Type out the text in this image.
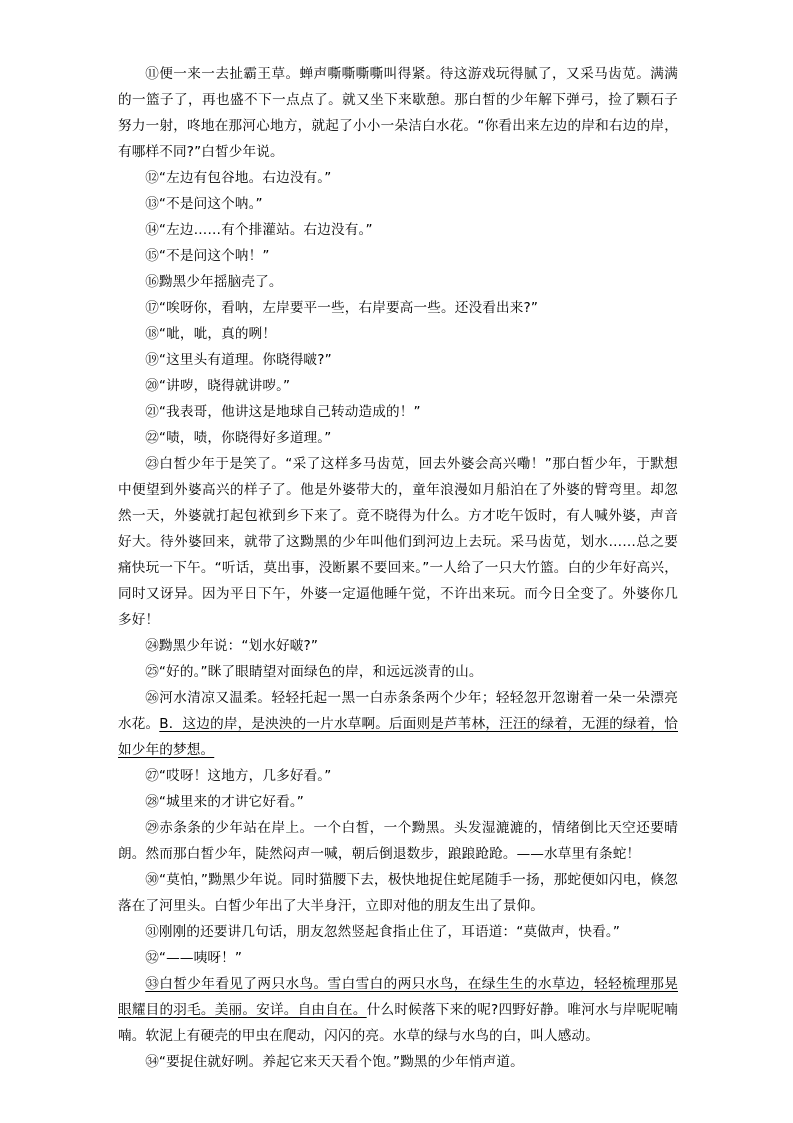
⑪便一来一去扯霸王草。蝉声嘶嘶嘶嘶叫得紧。待这游戏玩得腻了，又采马齿苋。满满的一篮子了，再也盛不下一点点了。就又坐下来歇憩。那白皙的少年解下弹弓，捡了颗石子努力一射，咚地在那河心地方，就起了小小一朵洁白水花。“你看出来左边的岸和右边的岸，有哪样不同?”白皙少年说。

⑫“左边有包谷地。右边没有。”

⑬“不是问这个呐。”

⑭“左边……有个排灌站。右边没有。”

⑮“不是问这个呐！”

⑯黝黑少年摇脑壳了。

⑰“唉呀你，看呐，左岸要平一些，右岸要高一些。还没看出来?”

⑱“呲，呲，真的咧！

⑲“这里头有道理。你晓得啵?”

⑳“讲哕，晓得就讲哕。”

㉑“我表哥，他讲这是地球自己转动造成的！”

㉒“啧，啧，你晓得好多道理。”

㉓白皙少年于是笑了。“采了这样多马齿苋，回去外婆会高兴嘞！”那白皙少年，于默想中便望到外婆高兴的样子了。他是外婆带大的，童年浪漫如月船泊在了外婆的臂弯里。却忽然一天，外婆就打起包袱到乡下来了。竟不晓得为什么。方才吃午饭时，有人喊外婆，声音好大。待外婆回来，就带了这黝黑的少年叫他们到河边上去玩。采马齿苋，划水……总之要痛快玩一下午。“听话，莫出事，没断累不要回来。”一人给了一只大竹篮。白的少年好高兴，同时又讶异。因为平日下午，外婆一定逼他睡午觉，不许出来玩。而今日全变了。外婆你几多好！

㉔黝黑少年说：“划水好啵?”

㉕“好的。”眯了眼睛望对面绿色的岸，和远远淡青的山。

㉖河水清凉又温柔。轻轻托起一黑一白赤条条两个少年；轻轻忽开忽谢着一朵一朵漂亮水花。B．这边的岸，是泱泱的一片水草啊。后面则是芦苇林，汪汪的绿着，无涯的绿着，恰如少年的梦想。

㉗“哎呀！这地方，几多好看。”

㉘“城里来的才讲它好看。”

㉙赤条条的少年站在岸上。一个白皙，一个黝黑。头发湿漉漉的，情绪倒比天空还要晴朗。然而那白皙少年，陡然闷声一喊，朝后倒退数步，踉踉跄跄。——水草里有条蛇！

㉚“莫怕，”黝黑少年说。同时猫腰下去，极快地捉住蛇尾随手一扬，那蛇便如闪电，倏忽落在了河里头。白皙少年出了大半身汗，立即对他的朋友生出了景仰。

㉛刚刚的还要讲几句话，朋友忽然竖起食指止住了，耳语道：“莫做声，快看。”

㉜“——咦呀！”

㉝白皙少年看见了两只水鸟。雪白雪白的两只水鸟，在绿生生的水草边，轻轻梳理那晃眼耀目的羽毛。美丽。安详。自由自在。什么时候落下来的呢?四野好静。唯河水与岸呢呢喃喃。软泥上有硬壳的甲虫在爬动，闪闪的亮。水草的绿与水鸟的白，叫人感动。

㉞“要捉住就好咧。养起它来天天看个饱。”黝黑的少年悄声道。
